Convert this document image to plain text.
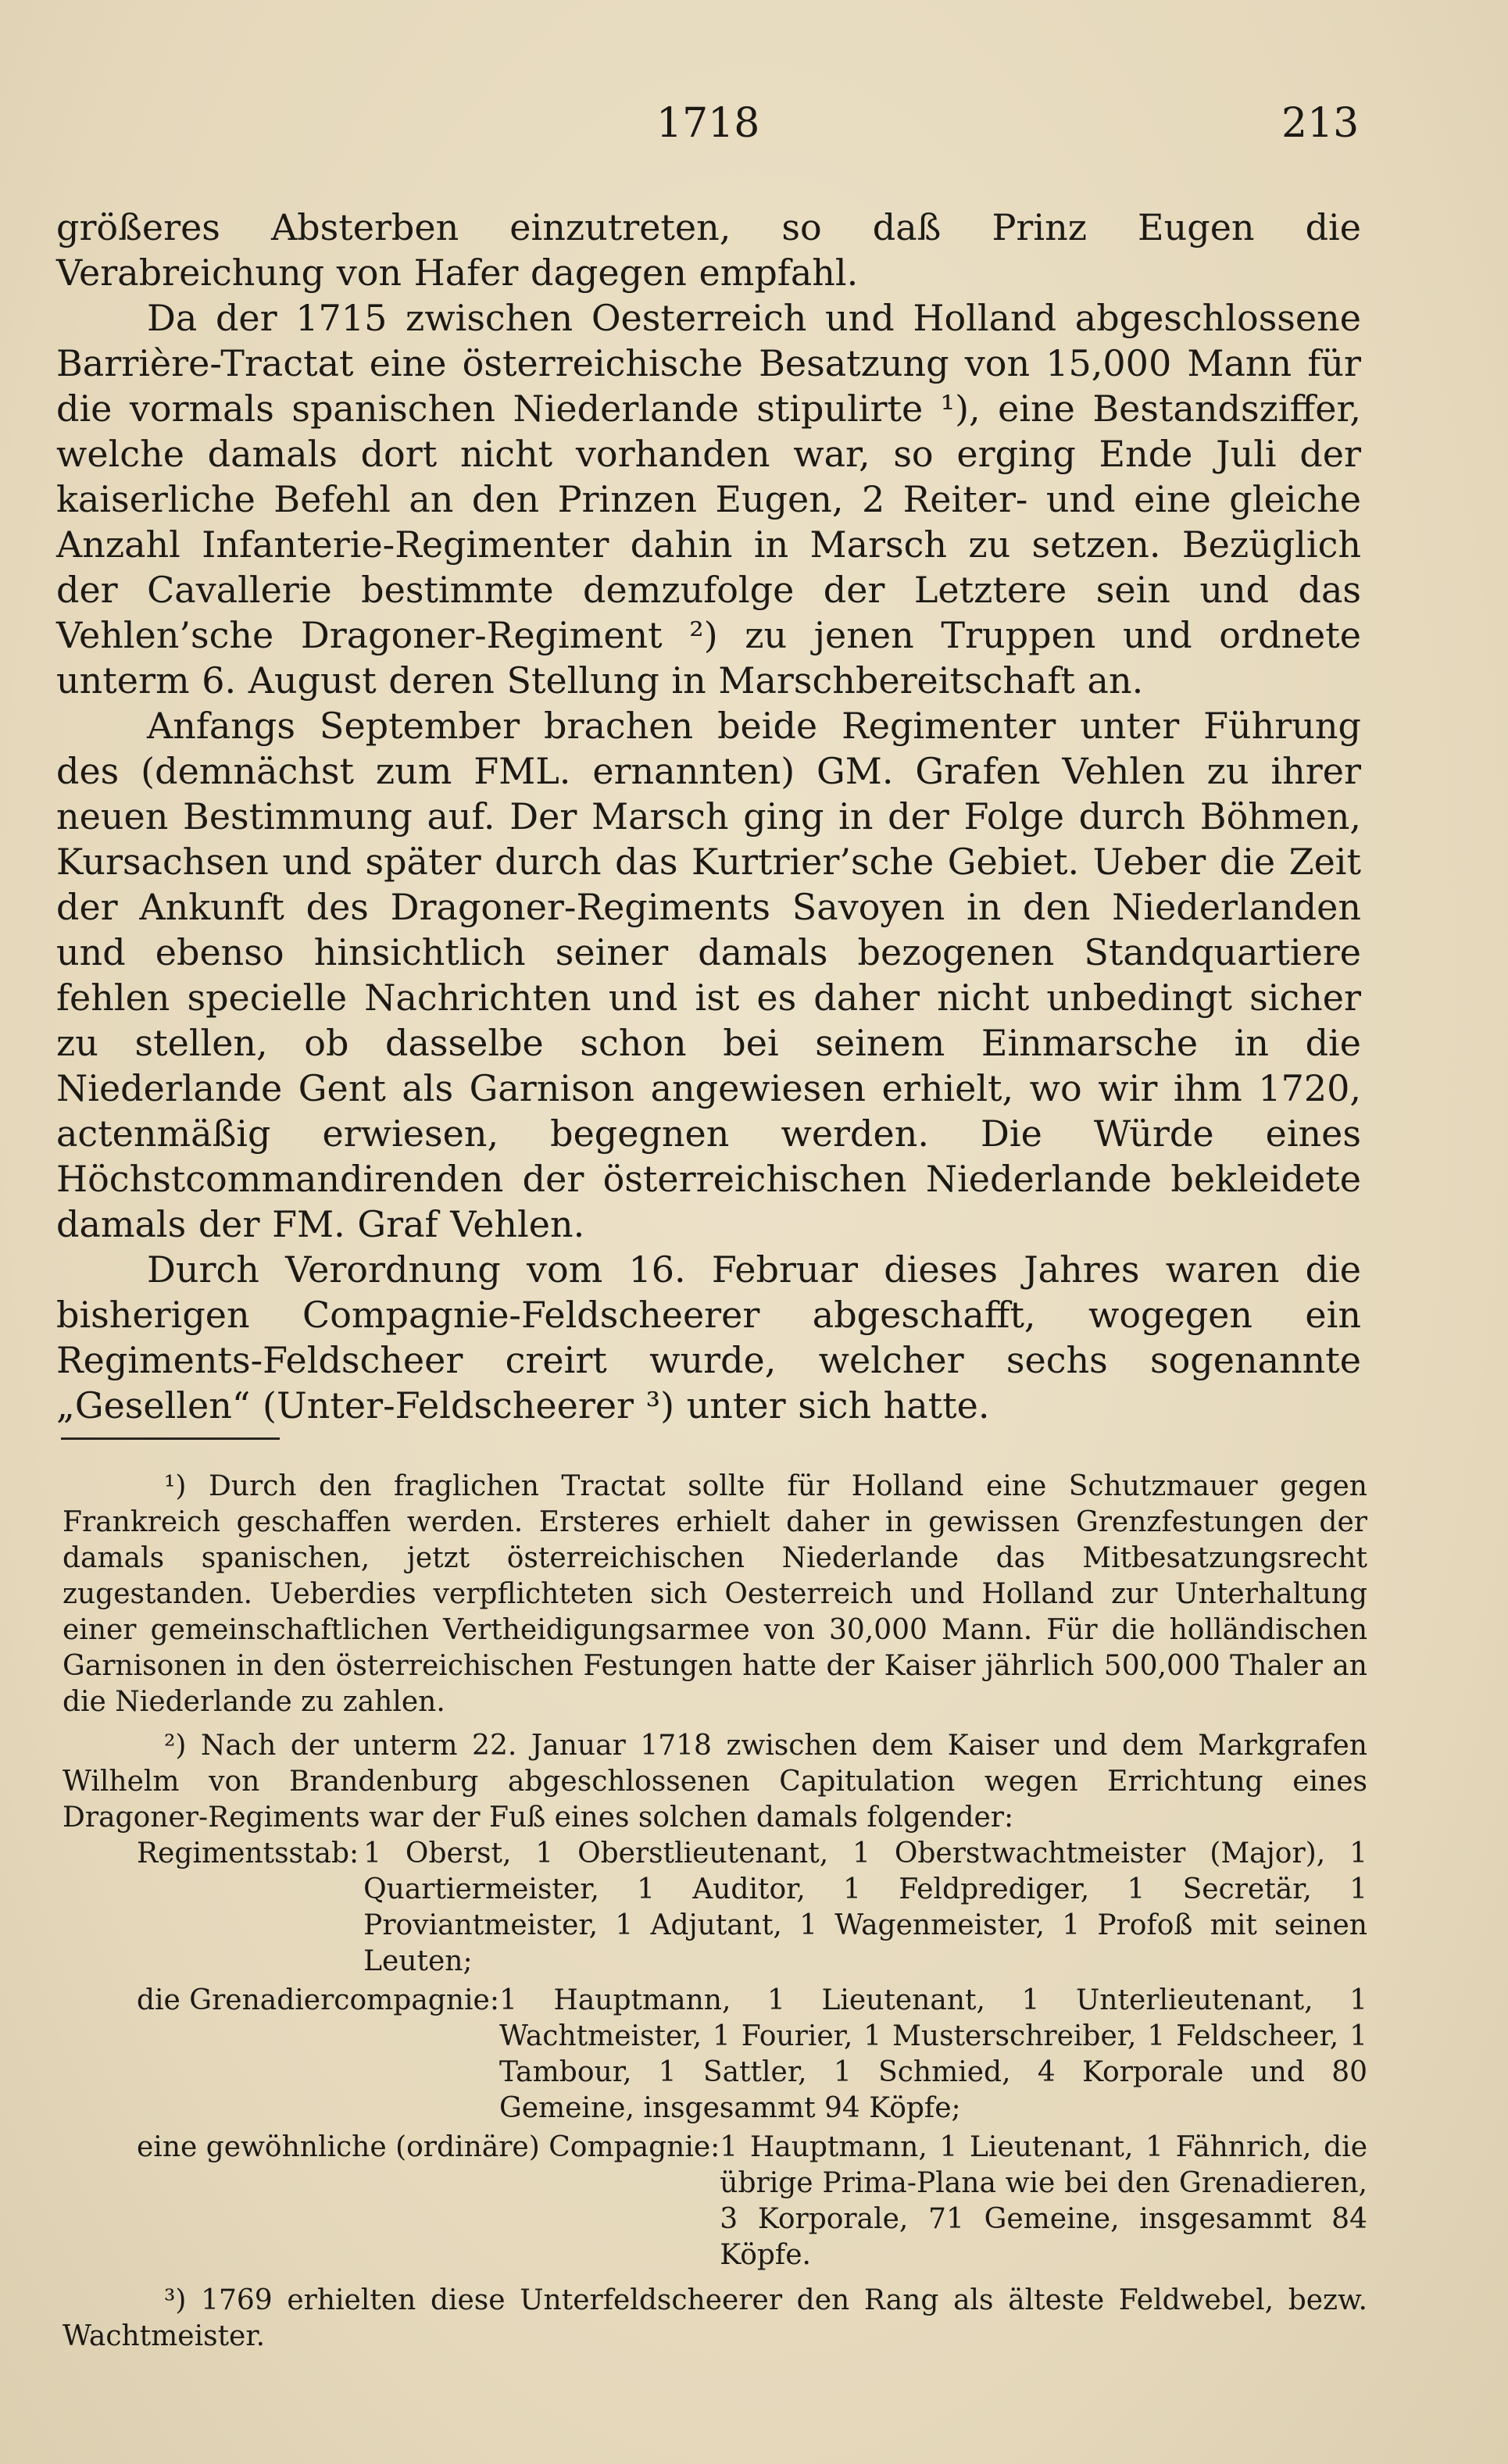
1718	213

größeres Absterben einzutreten, so daß Prinz Eugen die Verabreichung von Hafer dagegen empfahl.

Da der 1715 zwischen Oesterreich und Holland abgeschlossene Barrière-Tractat eine österreichische Besatzung von 15,000 Mann für die vormals spanischen Niederlande stipulirte ¹), eine Bestandsziffer, welche damals dort nicht vorhanden war, so erging Ende Juli der kaiserliche Befehl an den Prinzen Eugen, 2 Reiter- und eine gleiche Anzahl Infanterie-Regimenter dahin in Marsch zu setzen. Bezüglich der Cavallerie bestimmte demzufolge der Letztere sein und das Vehlen’sche Dragoner-Regiment ²) zu jenen Truppen und ordnete unterm 6. August deren Stellung in Marschbereitschaft an.

Anfangs September brachen beide Regimenter unter Führung des (demnächst zum FML. ernannten) GM. Grafen Vehlen zu ihrer neuen Bestimmung auf. Der Marsch ging in der Folge durch Böhmen, Kursachsen und später durch das Kurtrier’sche Gebiet. Ueber die Zeit der Ankunft des Dragoner-Regiments Savoyen in den Niederlanden und ebenso hinsichtlich seiner damals bezogenen Standquartiere fehlen specielle Nachrichten und ist es daher nicht unbedingt sicher zu stellen, ob dasselbe schon bei seinem Einmarsche in die Niederlande Gent als Garnison angewiesen erhielt, wo wir ihm 1720, actenmäßig erwiesen, begegnen werden. Die Würde eines Höchstcommandirenden der österreichischen Niederlande bekleidete damals der FM. Graf Vehlen.

Durch Verordnung vom 16. Februar dieses Jahres waren die bisherigen Compagnie-Feldscheerer abgeschafft, wogegen ein Regiments-Feldscheer creirt wurde, welcher sechs sogenannte „Gesellen“ (Unter-Feldscheerer ³) unter sich hatte.

¹) Durch den fraglichen Tractat sollte für Holland eine Schutzmauer gegen Frankreich geschaffen werden. Ersteres erhielt daher in gewissen Grenzfestungen der damals spanischen, jetzt österreichischen Niederlande das Mitbesatzungsrecht zugestanden. Ueberdies verpflichteten sich Oesterreich und Holland zur Unterhaltung einer gemeinschaftlichen Vertheidigungsarmee von 30,000 Mann. Für die holländischen Garnisonen in den österreichischen Festungen hatte der Kaiser jährlich 500,000 Thaler an die Niederlande zu zahlen.

²) Nach der unterm 22. Januar 1718 zwischen dem Kaiser und dem Markgrafen Wilhelm von Brandenburg abgeschlossenen Capitulation wegen Errichtung eines Dragoner-Regiments war der Fuß eines solchen damals folgender:

Regimentsstab: 1 Oberst, 1 Oberstlieutenant, 1 Oberstwachtmeister (Major), 1 Quartiermeister, 1 Auditor, 1 Feldprediger, 1 Secretär, 1 Proviantmeister, 1 Adjutant, 1 Wagenmeister, 1 Profoß mit seinen Leuten;
die Grenadiercompagnie: 1 Hauptmann, 1 Lieutenant, 1 Unterlieutenant, 1 Wachtmeister, 1 Fourier, 1 Musterschreiber, 1 Feldscheer, 1 Tambour, 1 Sattler, 1 Schmied, 4 Korporale und 80 Gemeine, insgesammt 94 Köpfe;
eine gewöhnliche (ordinäre) Compagnie: 1 Hauptmann, 1 Lieutenant, 1 Fähnrich, die übrige Prima-Plana wie bei den Grenadieren, 3 Korporale, 71 Gemeine, insgesammt 84 Köpfe.

³) 1769 erhielten diese Unterfeldscheerer den Rang als älteste Feldwebel, bezw. Wachtmeister.
